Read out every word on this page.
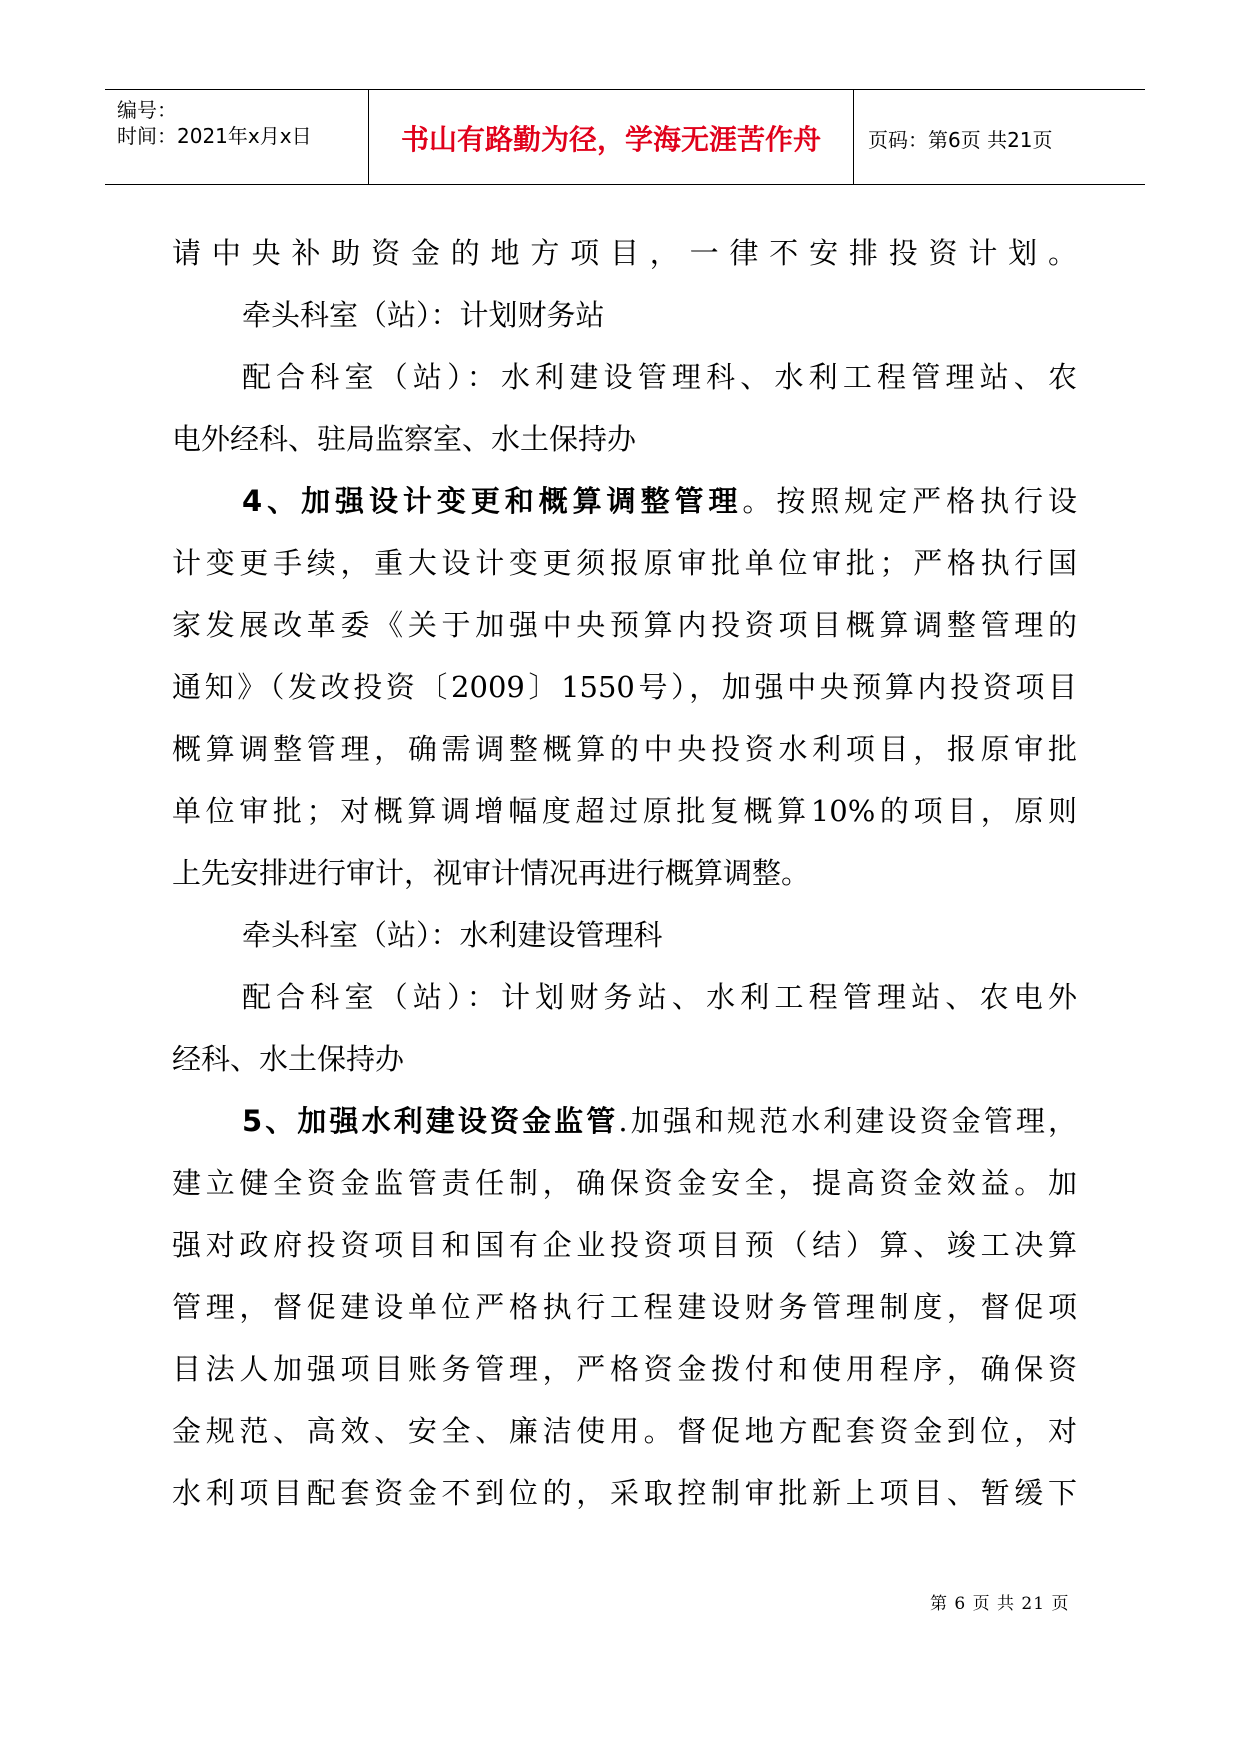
编号：
时间：2021年x月x日	书山有路勤为径，学海无涯苦作舟	页码：第6页 共21页
请中央补助资金的地方项目，一律不安排投资计划。
牵头科室（站）：计划财务站
配合科室（站）：水利建设管理科、水利工程管理站、农
电外经科、驻局监察室、水土保持办
4、加强设计变更和概算调整管理。按照规定严格执行设
计变更手续，重大设计变更须报原审批单位审批；严格执行国
家发展改革委《关于加强中央预算内投资项目概算调整管理的
通知》（发改投资〔2009〕1550号），加强中央预算内投资项目
概算调整管理，确需调整概算的中央投资水利项目，报原审批
单位审批；对概算调增幅度超过原批复概算10%的项目，原则
上先安排进行审计，视审计情况再进行概算调整。
牵头科室（站）：水利建设管理科
配合科室（站）：计划财务站、水利工程管理站、农电外
经科、水土保持办
5、加强水利建设资金监管.加强和规范水利建设资金管理，
建立健全资金监管责任制，确保资金安全，提高资金效益。加
强对政府投资项目和国有企业投资项目预（结）算、竣工决算
管理，督促建设单位严格执行工程建设财务管理制度，督促项
目法人加强项目账务管理，严格资金拨付和使用程序，确保资
金规范、高效、安全、廉洁使用。督促地方配套资金到位，对
水利项目配套资金不到位的，采取控制审批新上项目、暂缓下
第 6 页 共 21 页
